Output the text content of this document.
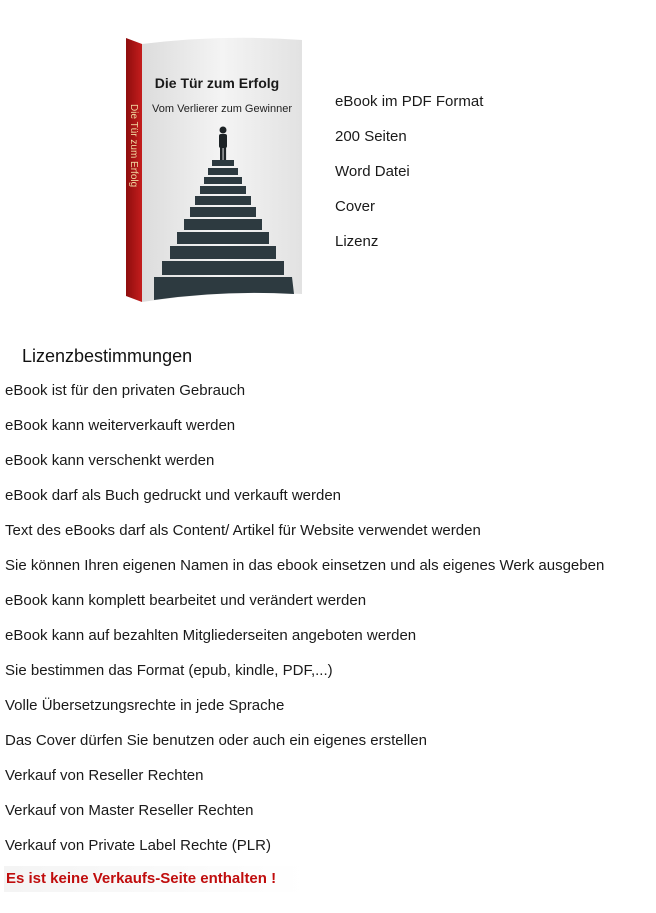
Die Tür zum Erfolg
Die Tür zum Erfolg
Vom Verlierer zum Gewinner	eBook im PDF Format
200 Seiten
Word Datei
Cover
Lizenz
Lizenzbestimmungen
eBook ist für den privaten Gebrauch
eBook kann weiterverkauft werden
eBook kann verschenkt werden
eBook darf als Buch gedruckt und verkauft werden
Text des eBooks darf als Content/ Artikel für Website verwendet werden
Sie können Ihren eigenen Namen in das ebook einsetzen und als eigenes Werk ausgeben
eBook kann komplett bearbeitet und verändert werden
eBook kann auf bezahlten Mitgliederseiten angeboten werden
Sie bestimmen das Format (epub, kindle, PDF,...)
Volle Übersetzungsrechte in jede Sprache
Das Cover dürfen Sie benutzen oder auch ein eigenes erstellen
Verkauf von Reseller Rechten
Verkauf von Master Reseller Rechten
Verkauf von Private Label Rechte (PLR)
Es ist keine Verkaufs-Seite enthalten !
